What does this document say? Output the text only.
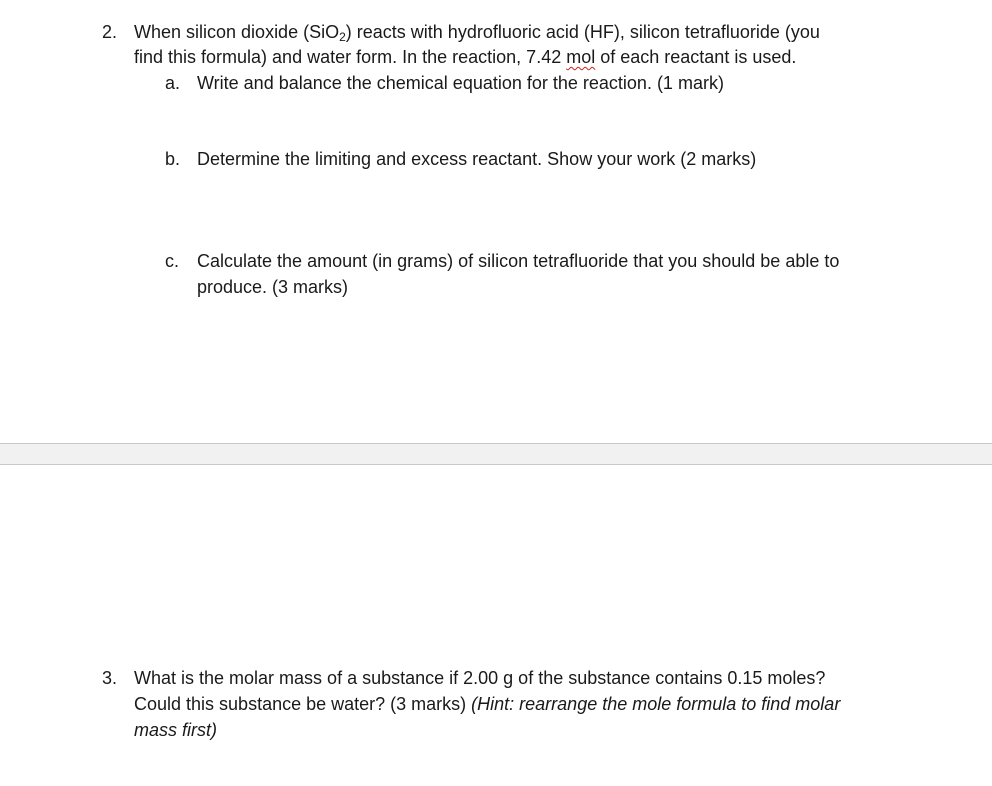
2. When silicon dioxide (SiO$_2$) reacts with hydrofluoric acid (HF), silicon tetrafluoride (you
find this formula) and water form. In the reaction, 7.42 mol of each reactant is used.
a. Write and balance the chemical equation for the reaction. (1 mark)
b. Determine the limiting and excess reactant. Show your work (2 marks)
c. Calculate the amount (in grams) of silicon tetrafluoride that you should be able to
produce. (3 marks)
3. What is the molar mass of a substance if 2.00 g of the substance contains 0.15 moles?
Could this substance be water? (3 marks) (Hint: rearrange the mole formula to find molar
mass first)
